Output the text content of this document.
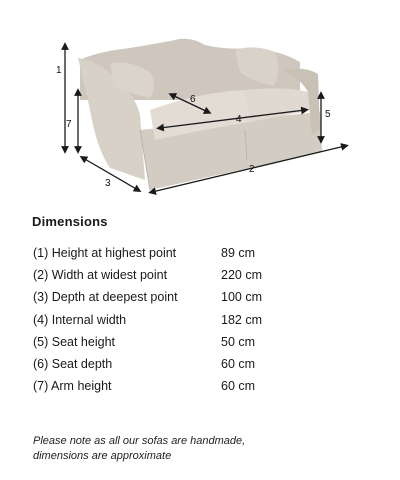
1
2
3
4	5
6
7
Dimensions
(1) Height at highest point	89 cm
(2) Width at widest point	220 cm
(3) Depth at deepest point	100 cm
(4) Internal width	182 cm
(5) Seat height	50 cm
(6) Seat depth	60 cm
(7) Arm height	60 cm
Please note as all our sofas are handmade,
dimensions are approximate
